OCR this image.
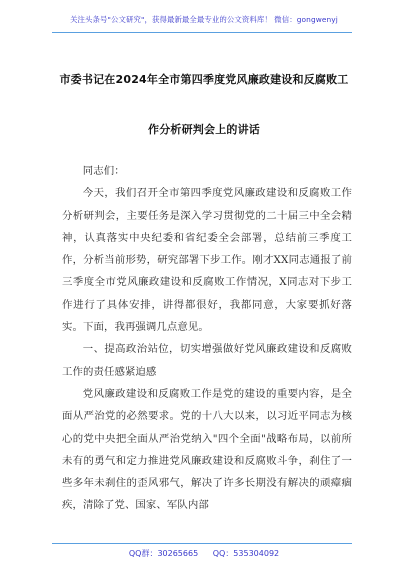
关注头条号"公文研究"，获得最新最全最专业的公文资料库！ 微信：gongwenyj
市委书记在2024年全市第四季度党风廉政建设和反腐败工
作分析研判会上的讲话

同志们：

今天，我们召开全市第四季度党风廉政建设和反腐败工作分析研判会，主要任务是深入学习贯彻党的二十届三中全会精神，认真落实中央纪委和省纪委全会部署，总结前三季度工作，分析当前形势，研究部署下步工作。刚才XX同志通报了前三季度全市党风廉政建设和反腐败工作情况，X同志对下步工作进行了具体安排，讲得都很好，我都同意，大家要抓好落实。下面，我再强调几点意见。

一、提高政治站位，切实增强做好党风廉政建设和反腐败工作的责任感紧迫感

党风廉政建设和反腐败工作是党的建设的重要内容，是全面从严治党的必然要求。党的十八大以来，以习近平同志为核心的党中央把全面从严治党纳入"四个全面"战略布局，以前所未有的勇气和定力推进党风廉政建设和反腐败斗争，刹住了一些多年未刹住的歪风邪气，解决了许多长期没有解决的顽瘴痼疾，清除了党、国家、军队内部

QQ群：30265665 QQ：535304092
